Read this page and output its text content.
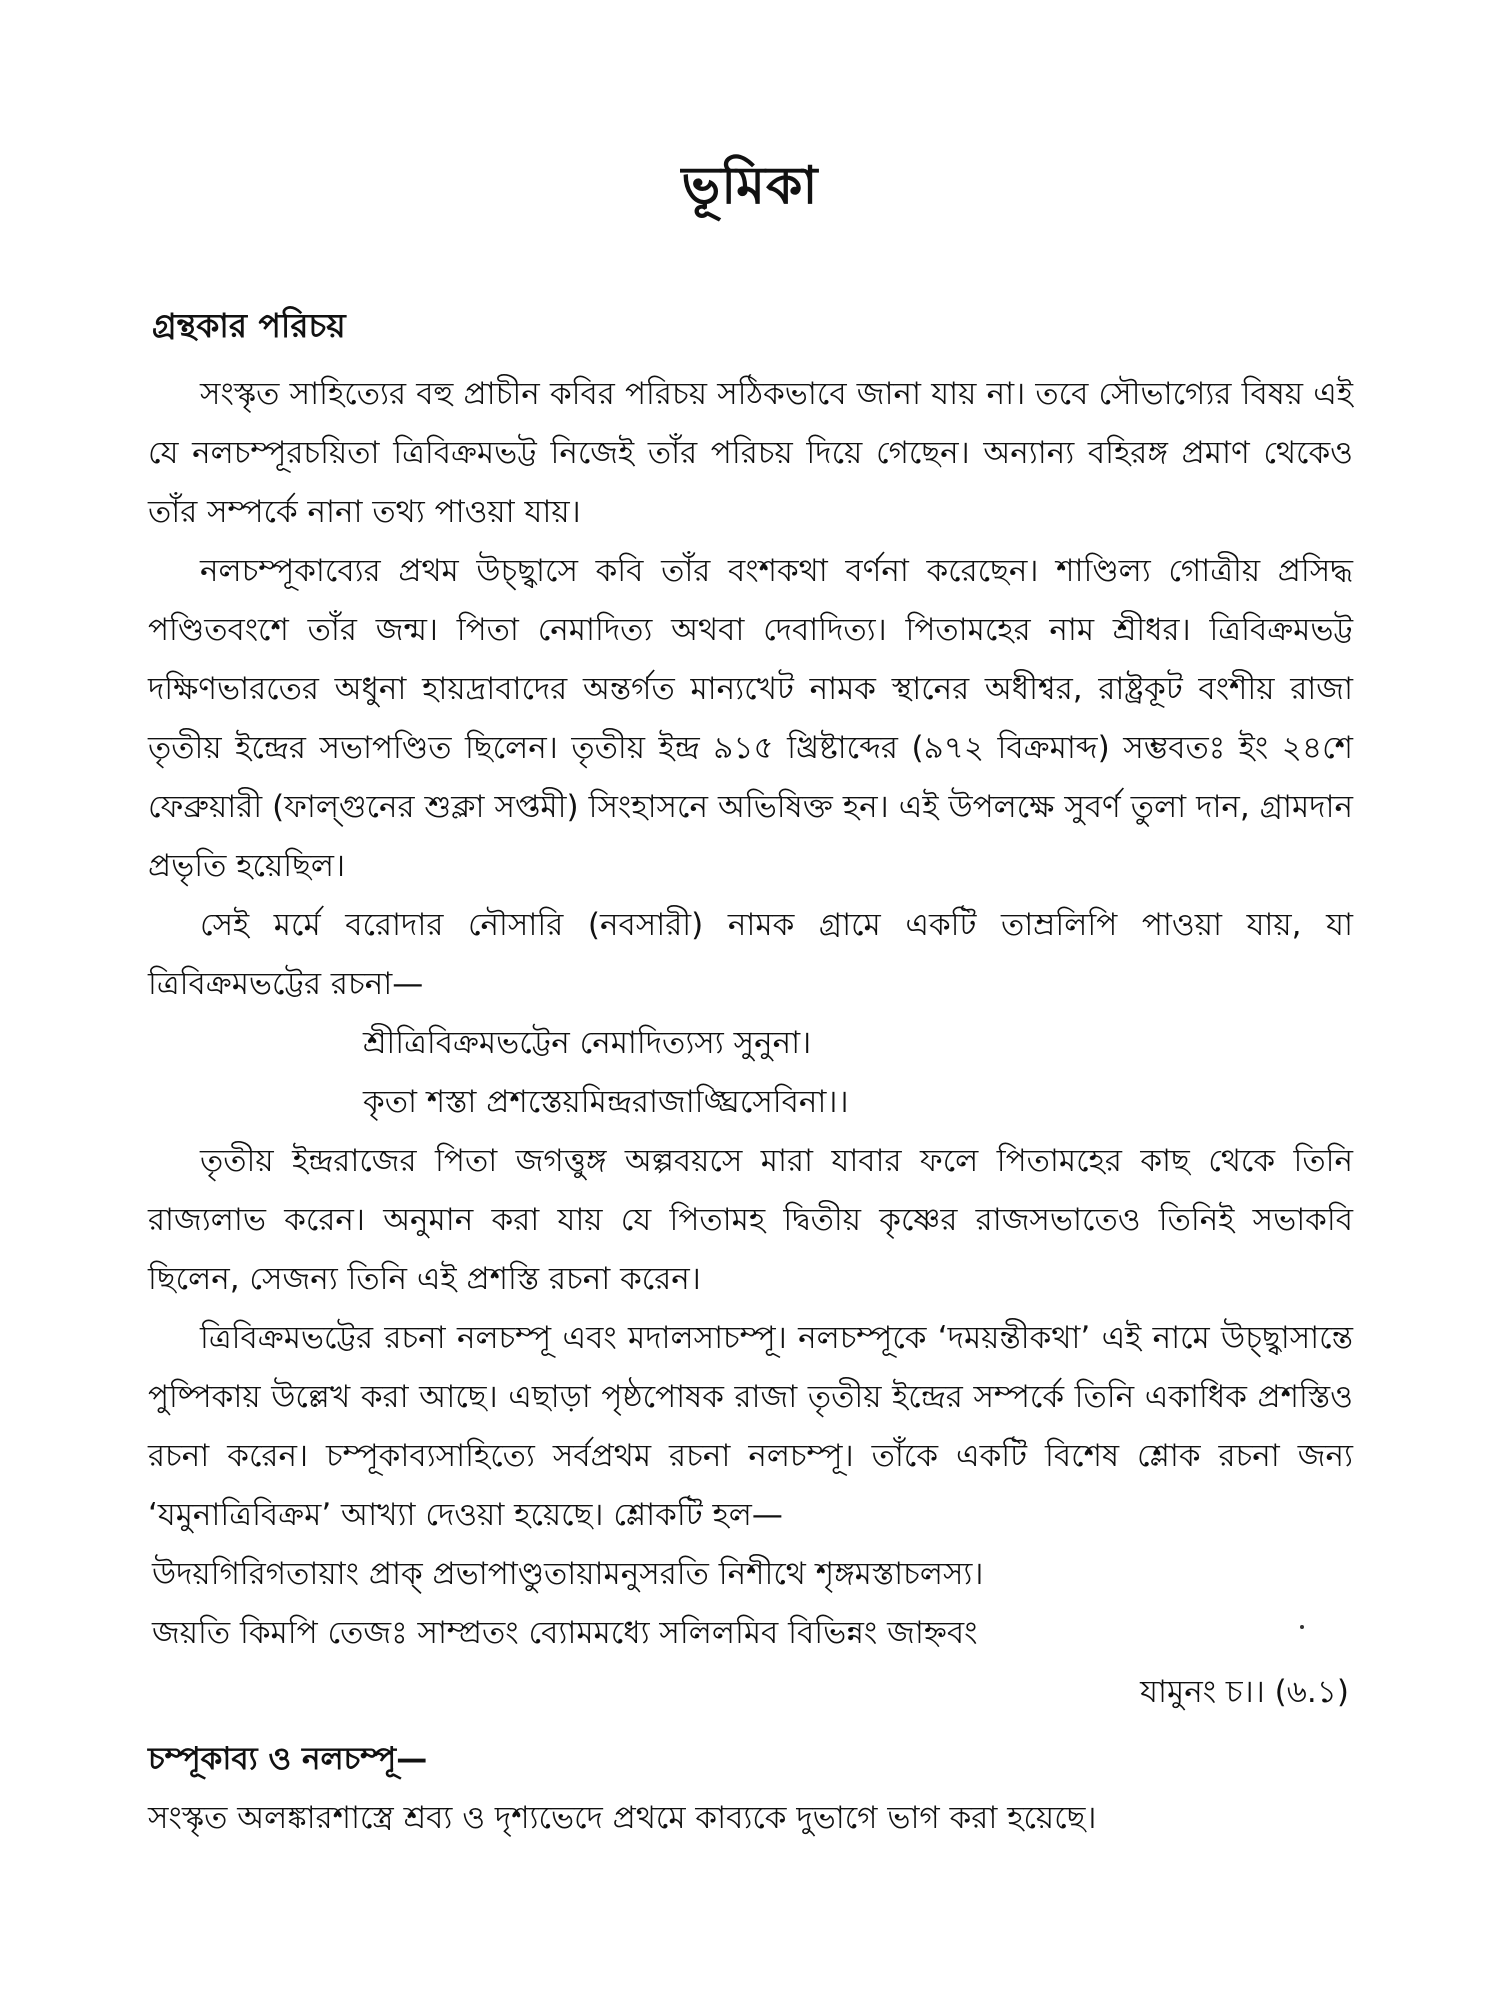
ভূমিকা
গ্রন্থকার পরিচয়

সংস্কৃত সাহিত্যের বহু প্রাচীন কবির পরিচয় সঠিকভাবে জানা যায় না। তবে সৌভাগ্যের বিষয় এই যে নলচম্পূরচয়িতা ত্রিবিক্রমভট্ট নিজেই তাঁর পরিচয় দিয়ে গেছেন। অন্যান্য বহিরঙ্গ প্রমাণ থেকেও তাঁর সম্পর্কে নানা তথ্য পাওয়া যায়।

নলচম্পূকাব্যের প্রথম উচ্ছ্বাসে কবি তাঁর বংশকথা বর্ণনা করেছেন। শাণ্ডিল্য গোত্রীয় প্রসিদ্ধ পণ্ডিতবংশে তাঁর জন্ম। পিতা নেমাদিত্য অথবা দেবাদিত্য। পিতামহের নাম শ্রীধর। ত্রিবিক্রমভট্ট দক্ষিণভারতের অধুনা হায়দ্রাবাদের অন্তর্গত মান্যখেট নামক স্থানের অধীশ্বর, রাষ্ট্রকূট বংশীয় রাজা তৃতীয় ইন্দ্রের সভাপণ্ডিত ছিলেন। তৃতীয় ইন্দ্র ৯১৫ খ্রিষ্টাব্দের (৯৭২ বিক্রমাব্দ) সম্ভবতঃ ইং ২৪শে ফেব্রুয়ারী (ফাল্গুনের শুক্লা সপ্তমী) সিংহাসনে অভিষিক্ত হন। এই উপলক্ষে সুবর্ণ তুলা দান, গ্রামদান প্রভৃতি হয়েছিল।

সেই মর্মে বরোদার নৌসারি (নবসারী) নামক গ্রামে একটি তাম্রলিপি পাওয়া যায়, যা ত্রিবিক্রমভট্টের রচনা—

শ্রীত্রিবিক্রমভট্টেন নেমাদিত্যস্য সুনুনা।
কৃতা শস্তা প্রশস্তেয়মিন্দ্ররাজাঙ্ঘ্রিসেবিনা।।

তৃতীয় ইন্দ্ররাজের পিতা জগত্তুঙ্গ অল্পবয়সে মারা যাবার ফলে পিতামহের কাছ থেকে তিনি রাজ্যলাভ করেন। অনুমান করা যায় যে পিতামহ দ্বিতীয় কৃষ্ণের রাজসভাতেও তিনিই সভাকবি ছিলেন, সেজন্য তিনি এই প্রশস্তি রচনা করেন।

ত্রিবিক্রমভট্টের রচনা নলচম্পূ এবং মদালসাচম্পূ। নলচম্পূকে ‘দময়ন্তীকথা’ এই নামে উচ্ছ্বাসান্তে পুষ্পিকায় উল্লেখ করা আছে। এছাড়া পৃষ্ঠপোষক রাজা তৃতীয় ইন্দ্রের সম্পর্কে তিনি একাধিক প্রশস্তিও রচনা করেন। চম্পূকাব্যসাহিত্যে সর্বপ্রথম রচনা নলচম্পূ। তাঁকে একটি বিশেষ শ্লোক রচনা জন্য ‘যমুনাত্রিবিক্রম’ আখ্যা দেওয়া হয়েছে। শ্লোকটি হল—

উদয়গিরিগতায়াং প্রাক্ প্রভাপাণ্ডুতায়ামনুসরতি নিশীথে শৃঙ্গমস্তাচলস্য।
জয়তি কিমপি তেজঃ সাম্প্রতং ব্যোমমধ্যে সলিলমিব বিভিন্নং জাহ্নবং
যামুনং চ।। (৬.১)

চম্পূকাব্য ও নলচম্পূ—

সংস্কৃত অলঙ্কারশাস্ত্রে শ্রব্য ও দৃশ্যভেদে প্রথমে কাব্যকে দুভাগে ভাগ করা হয়েছে।
